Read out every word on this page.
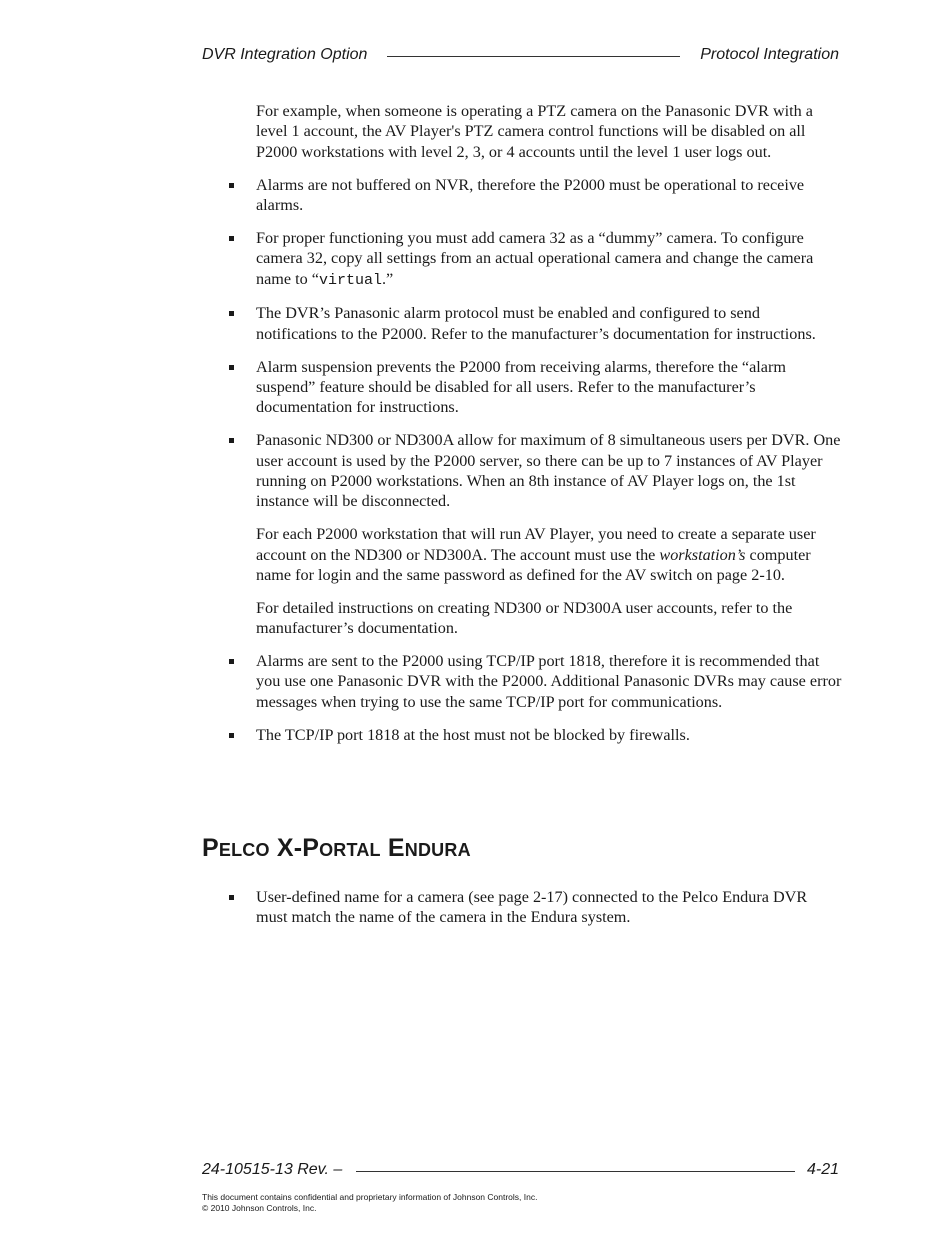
DVR Integration Option	Protocol Integration
For example, when someone is operating a PTZ camera on the Panasonic DVR with a level 1 account, the AV Player's PTZ camera control functions will be disabled on all P2000 workstations with level 2, 3, or 4 accounts until the level 1 user logs out.
Alarms are not buffered on NVR, therefore the P2000 must be operational to receive alarms.
For proper functioning you must add camera 32 as a “dummy” camera. To configure camera 32, copy all settings from an actual operational camera and change the camera name to “virtual.”
The DVR’s Panasonic alarm protocol must be enabled and configured to send notifications to the P2000. Refer to the manufacturer’s documentation for instructions.
Alarm suspension prevents the P2000 from receiving alarms, therefore the “alarm suspend” feature should be disabled for all users. Refer to the manufacturer’s documentation for instructions.
Panasonic ND300 or ND300A allow for maximum of 8 simultaneous users per DVR. One user account is used by the P2000 server, so there can be up to 7 instances of AV Player running on P2000 workstations. When an 8th instance of AV Player logs on, the 1st instance will be disconnected.
For each P2000 workstation that will run AV Player, you need to create a separate user account on the ND300 or ND300A. The account must use the workstation’s computer name for login and the same password as defined for the AV switch on page 2-10.
For detailed instructions on creating ND300 or ND300A user accounts, refer to the manufacturer’s documentation.
Alarms are sent to the P2000 using TCP/IP port 1818, therefore it is recommended that you use one Panasonic DVR with the P2000. Additional Panasonic DVRs may cause error messages when trying to use the same TCP/IP port for communications.
The TCP/IP port 1818 at the host must not be blocked by firewalls.
Pelco X-Portal Endura
User-defined name for a camera (see page 2-17) connected to the Pelco Endura DVR must match the name of the camera in the Endura system.
24-10515-13 Rev. –	4-21
This document contains confidential and proprietary information of Johnson Controls, Inc.
© 2010 Johnson Controls, Inc.
